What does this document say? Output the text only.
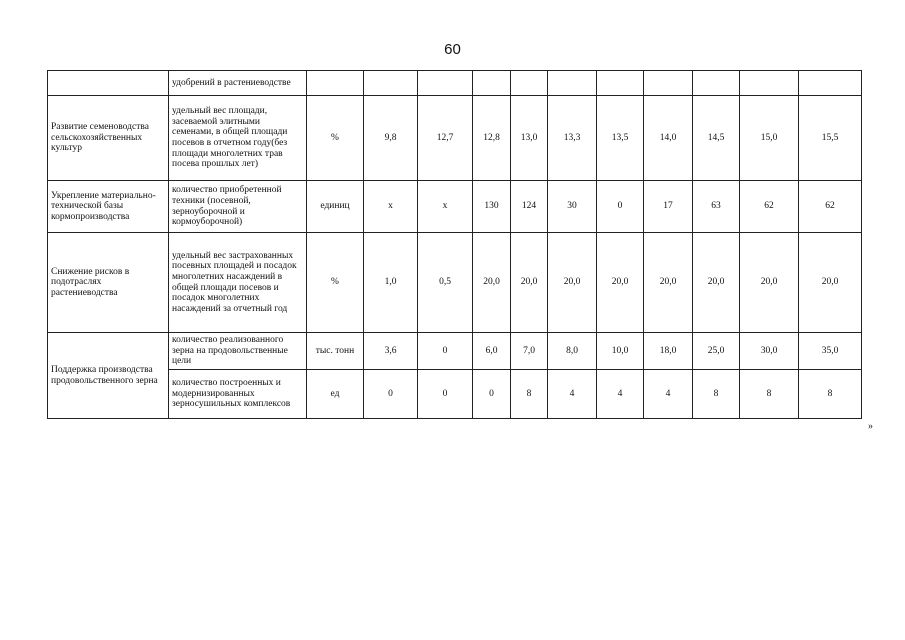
60
	удобрений в растениеводстве											
Развитие семеноводства сельскохозяйственных культур	удельный вес площади, засеваемой элитными семенами, в общей площади посевов в отчетном году(без площади многолетних трав посева прошлых лет)	%	9,8	12,7	12,8	13,0	13,3	13,5	14,0	14,5	15,0	15,5
Укрепление материально-технической базы кормопроизводства	количество приобретенной техники (посевной, зерноуборочной и кормоуборочной)	единиц	х	х	130	124	30	0	17	63	62	62
Снижение рисков в подотраслях растениеводства	удельный вес застрахованных посевных площадей и посадок многолетних насаждений в общей площади посевов и посадок многолетних насаждений за отчетный год	%	1,0	0,5	20,0	20,0	20,0	20,0	20,0	20,0	20,0	20,0
Поддержка производства продовольственного зерна	количество реализованного зерна на продовольственные цели	тыс. тонн	3,6	0	6,0	7,0	8,0	10,0	18,0	25,0	30,0	35,0
	количество построенных и модернизированных зерносушильных комплексов	ед	0	0	0	8	4	4	4	8	8	8
»
